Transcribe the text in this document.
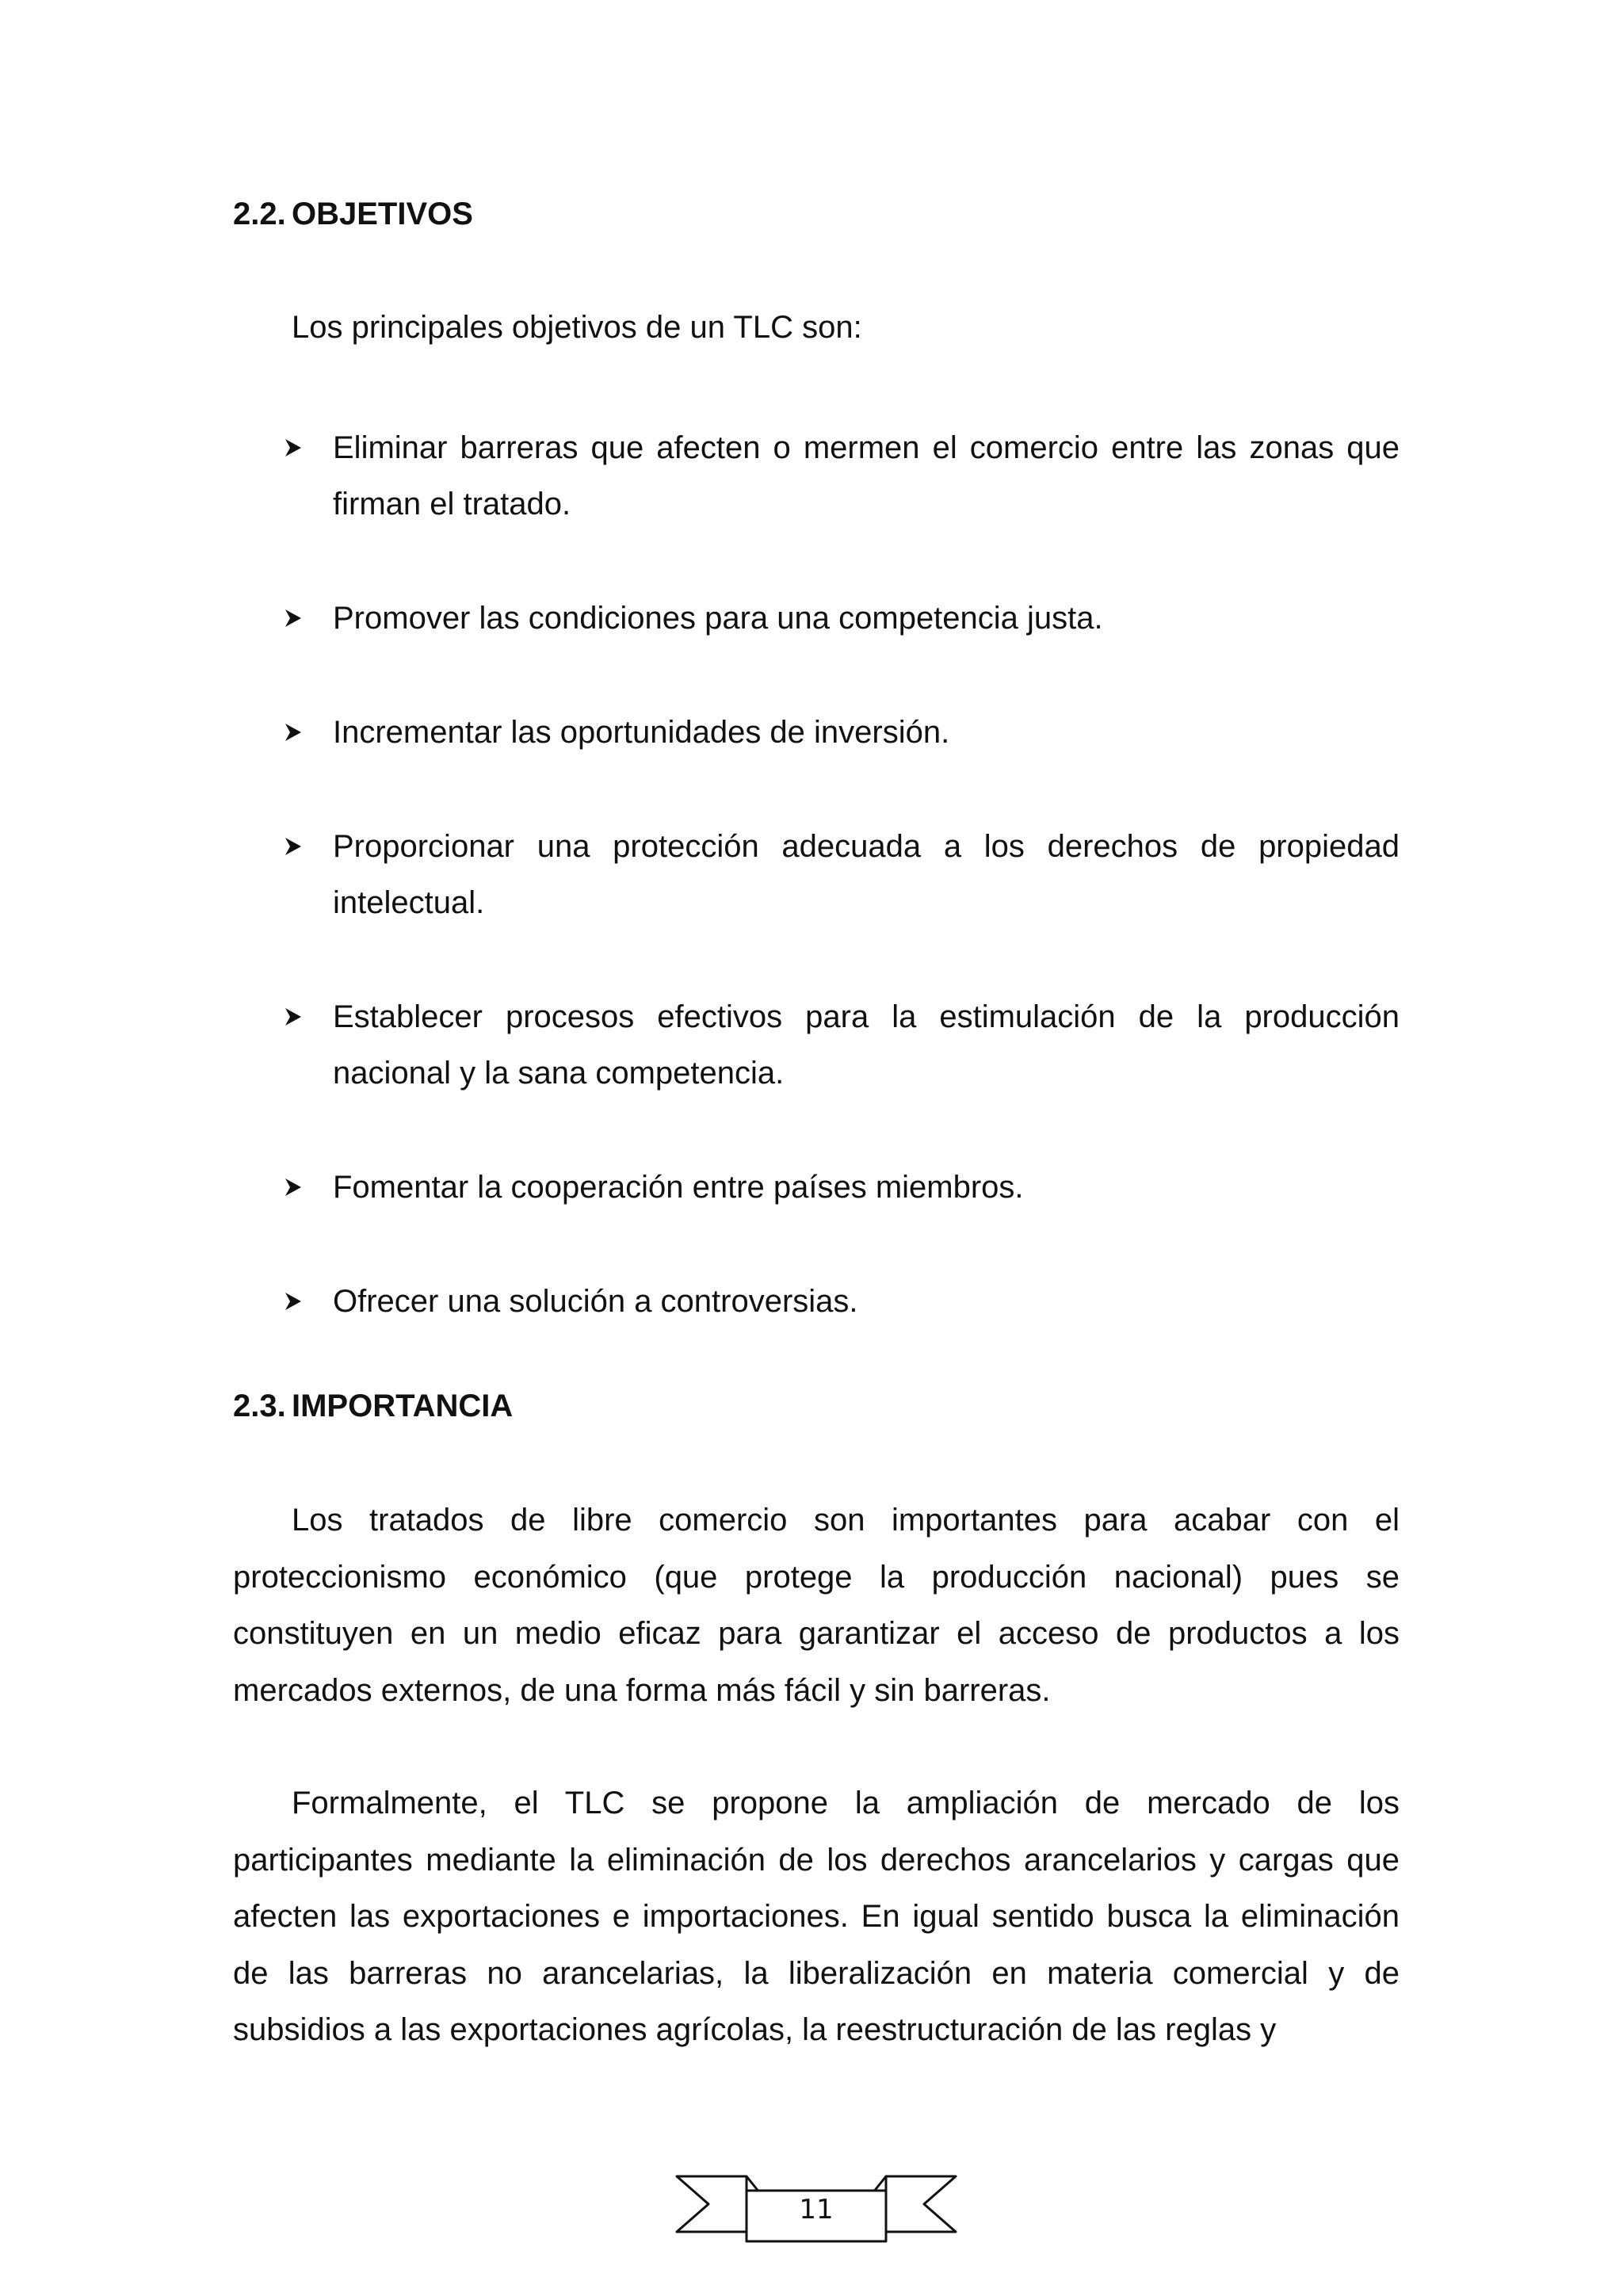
2.2. OBJETIVOS
Los principales objetivos de un TLC son:
Eliminar barreras que afecten o mermen el comercio entre las zonas que firman el tratado.
Promover las condiciones para una competencia justa.
Incrementar las oportunidades de inversión.
Proporcionar una protección adecuada a los derechos de propiedad intelectual.
Establecer procesos efectivos para la estimulación de la producción nacional y la sana competencia.
Fomentar la cooperación entre países miembros.
Ofrecer una solución a controversias.
2.3. IMPORTANCIA

Los tratados de libre comercio son importantes para acabar con el proteccionismo económico (que protege la producción nacional) pues se constituyen en un medio eficaz para garantizar el acceso de productos a los mercados externos, de una forma más fácil y sin barreras.

Formalmente, el TLC se propone la ampliación de mercado de los participantes mediante la eliminación de los derechos arancelarios y cargas que afecten las exportaciones e importaciones. En igual sentido busca la eliminación de las barreras no arancelarias, la liberalización en materia comercial y de subsidios a las exportaciones agrícolas, la reestructuración de las reglas y

11
